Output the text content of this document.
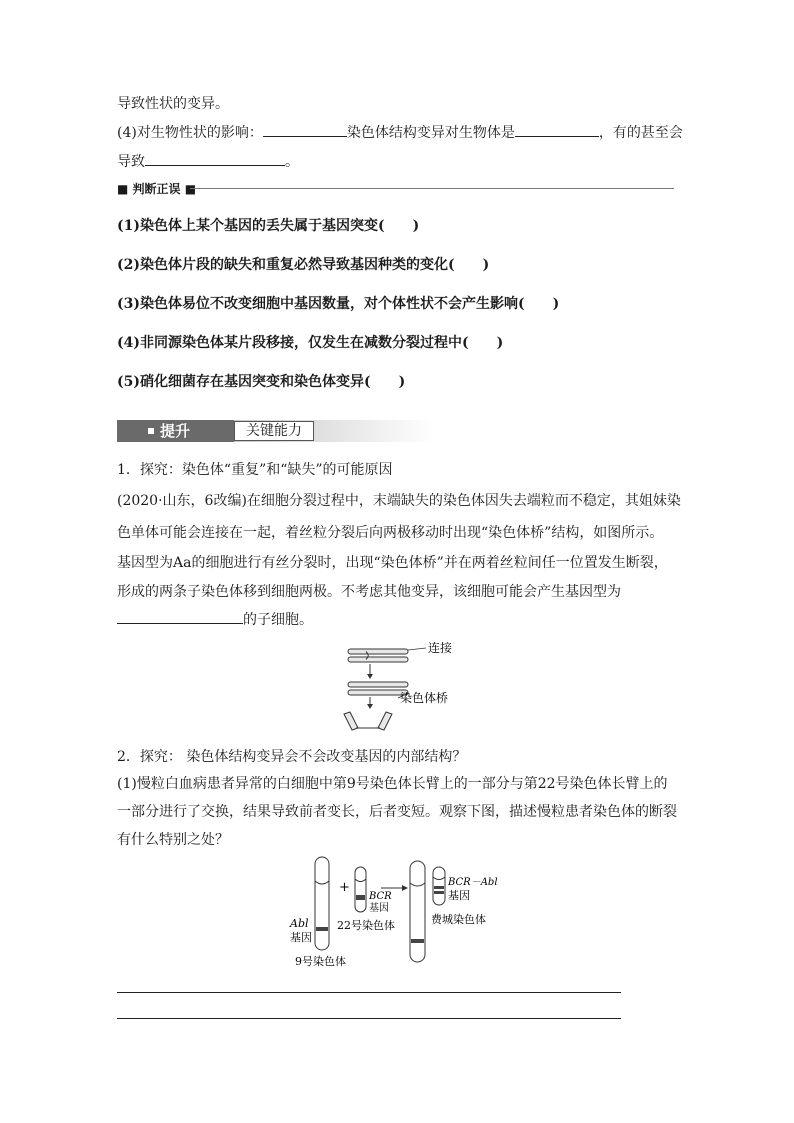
导致性状的变异。
(4)对生物性状的影响：	染色体结构变异对生物体是	，有的甚至会
导致	。
■ 判断正误 ■
(1)染色体上某个基因的丢失属于基因突变(　　)
(2)染色体片段的缺失和重复必然导致基因种类的变化(　　)
(3)染色体易位不改变细胞中基因数量，对个体性状不会产生影响(　　)
(4)非同源染色体某片段移接，仅发生在减数分裂过程中(　　)
(5)硝化细菌存在基因突变和染色体变异(　　)
提升	关键能力
1．探究：染色体“重复”和“缺失”的可能原因
(2020·山东，6改编)在细胞分裂过程中，末端缺失的染色体因失去端粒而不稳定，其姐妹染
色单体可能会连接在一起，着丝粒分裂后向两极移动时出现“染色体桥”结构，如图所示。
基因型为Aa的细胞进行有丝分裂时，出现“染色体桥”并在两着丝粒间任一位置发生断裂，
形成的两条子染色体移到细胞两极。不考虑其他变异，该细胞可能会产生基因型为
的子细胞。
连接
染色体桥
2．探究： 染色体结构变异会不会改变基因的内部结构？
(1)慢粒白血病患者异常的白细胞中第9号染色体长臂上的一部分与第22号染色体长臂上的
一部分进行了交换，结果导致前者变长，后者变短。观察下图，描述慢粒患者染色体的断裂
有什么特别之处？
Abl
基因
9号染色体
+
BCR
基因
22号染色体
BCR－Abl
基因
费城染色体
